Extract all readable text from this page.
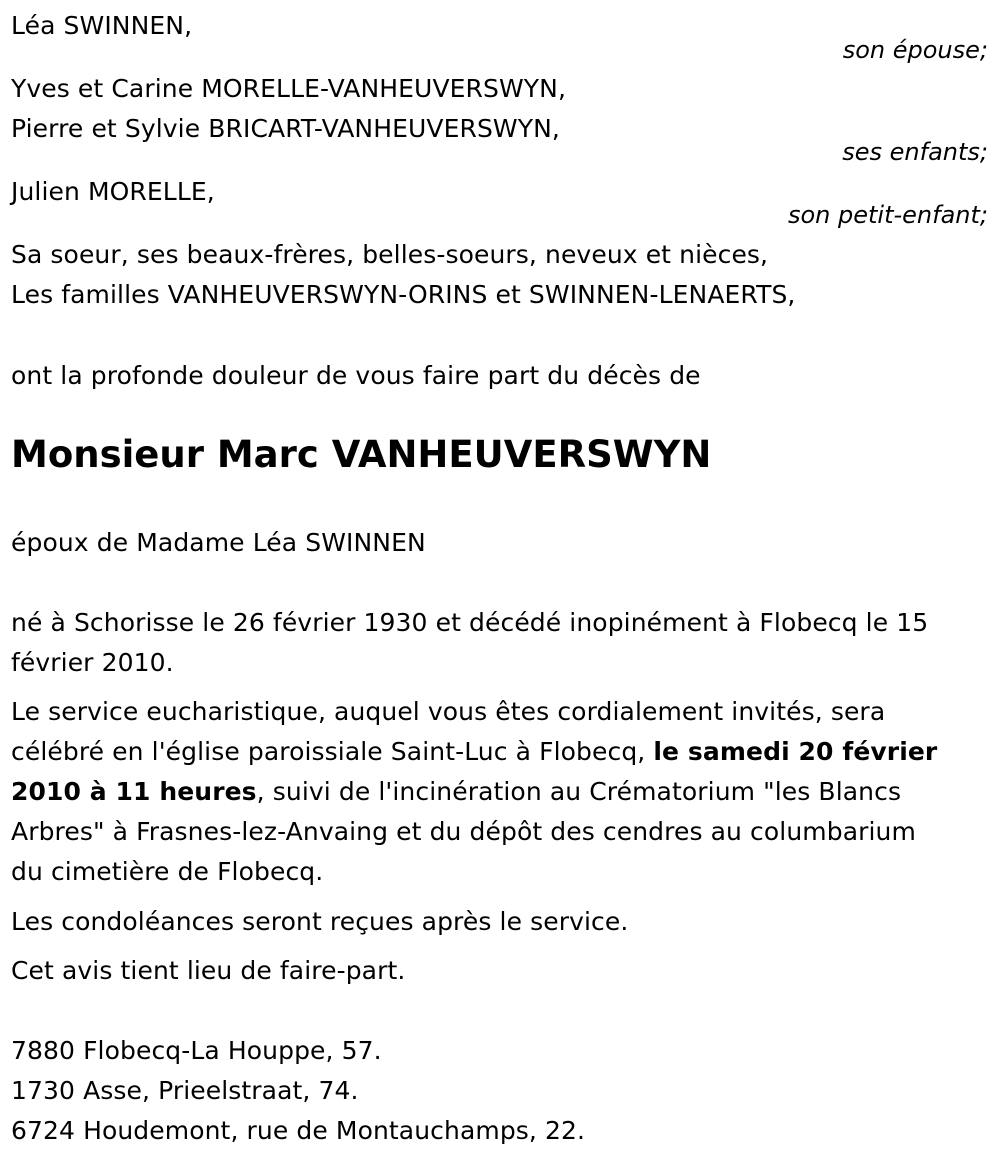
Léa SWINNEN,
son épouse;
Yves et Carine MORELLE-VANHEUVERSWYN,
Pierre et Sylvie BRICART-VANHEUVERSWYN,
ses enfants;
Julien MORELLE,
son petit-enfant;
Sa soeur, ses beaux-frères, belles-soeurs, neveux et nièces,
Les familles VANHEUVERSWYN-ORINS et SWINNEN-LENAERTS,
ont la profonde douleur de vous faire part du décès de
Monsieur Marc VANHEUVERSWYN
époux de Madame Léa SWINNEN
né à Schorisse le 26 février 1930 et décédé inopinément à Flobecq le 15
février 2010.
Le service eucharistique, auquel vous êtes cordialement invités, sera
célébré en l'église paroissiale Saint-Luc à Flobecq, le samedi 20 février
2010 à 11 heures, suivi de l'incinération au Crématorium "les Blancs
Arbres" à Frasnes-lez-Anvaing et du dépôt des cendres au columbarium
du cimetière de Flobecq.
Les condoléances seront reçues après le service.
Cet avis tient lieu de faire-part.
7880 Flobecq-La Houppe, 57.
1730 Asse, Prieelstraat, 74.
6724 Houdemont, rue de Montauchamps, 22.
